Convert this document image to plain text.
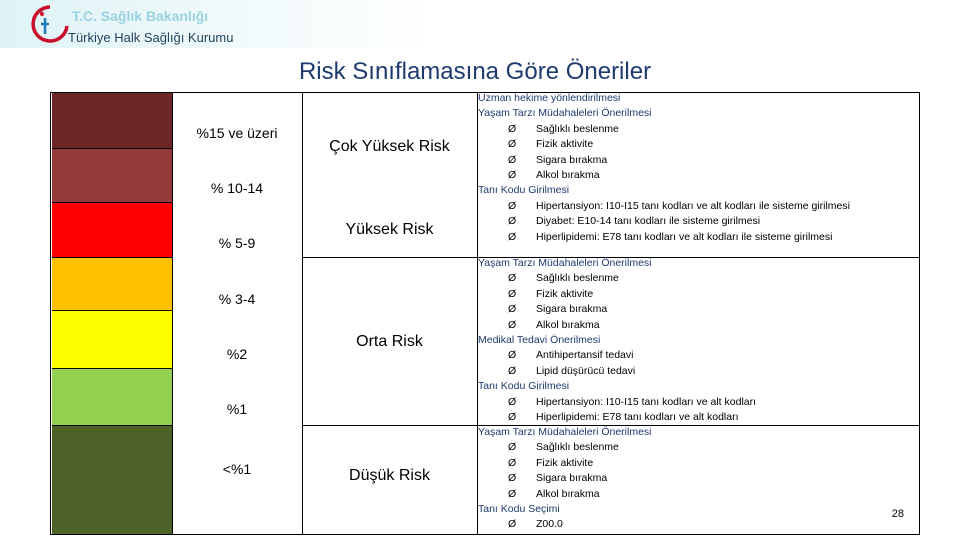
T.C. Sağlık Bakanlığı
Türkiye Halk Sağlığı Kurumu
Risk Sınıflamasına Göre Öneriler
%15 ve üzeri
% 10-14
% 5-9
% 3-4
%2
%1
<%1
Çok Yüksek Risk
Yüksek Risk
Orta Risk
Düşük Risk
Uzman hekime yönlendirilmesi
Yaşam Tarzı Müdahaleleri Önerilmesi
Ø Sağlıklı beslenme
Ø Fizik aktivite
Ø Sigara bırakma
Ø Alkol bırakma
Tanı Kodu Girilmesi
Ø Hipertansiyon: I10-I15 tanı kodları ve alt kodları ile sisteme girilmesi
Ø Diyabet: E10-14 tanı kodları ile sisteme girilmesi
Ø Hiperlipidemi: E78 tanı kodları ve alt kodları ile sisteme girilmesi
Yaşam Tarzı Müdahaleleri Önerilmesi
Ø Sağlıklı beslenme
Ø Fizik aktivite
Ø Sigara bırakma
Ø Alkol bırakma
Medikal Tedavi Önerilmesi
Ø Antihipertansif tedavi
Ø Lipid düşürücü tedavi
Tanı Kodu Girilmesi
Ø Hipertansiyon: I10-I15 tanı kodları ve alt kodları
Ø Hiperlipidemi: E78 tanı kodları ve alt kodları
Yaşam Tarzı Müdahaleleri Önerilmesi
Ø Sağlıklı beslenme
Ø Fizik aktivite
Ø Sigara bırakma
Ø Alkol bırakma
Tanı Kodu Seçimi
Ø Z00.0
28
